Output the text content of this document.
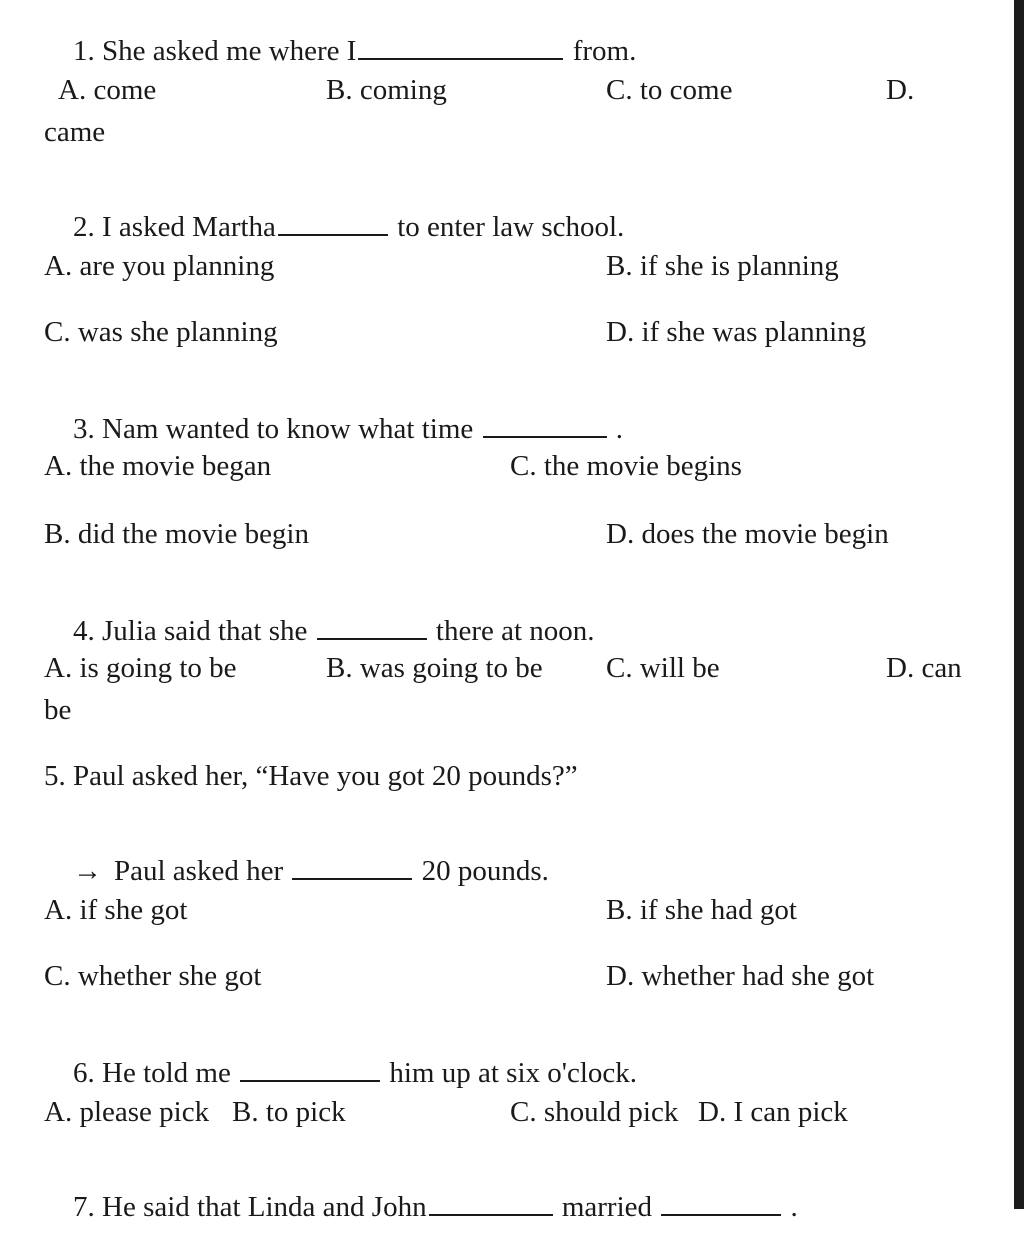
1. She asked me where I	from.

A. come	B. coming	C. to come	D.
came

2. I asked Martha	to enter law school.

A. are you planning	B. if she is planning
C. was she planning	D. if she was planning

3. Nam wanted to know what time	.

A. the movie began	C. the movie begins
B. did the movie begin	D. does the movie begin

4. Julia said that she	there at noon.

A. is going to be	B. was going to be C. will be	D. can
be
5. Paul asked her, “Have you got 20 pounds?”

→ Paul asked her	20 pounds.

A. if she got	B. if she had got
C. whether she got	D. whether had she got

6. He told me	him up at six o'clock.

A. please pick B. to pick	C. should pick D. I can pick

7. He said that Linda and John	married	.
